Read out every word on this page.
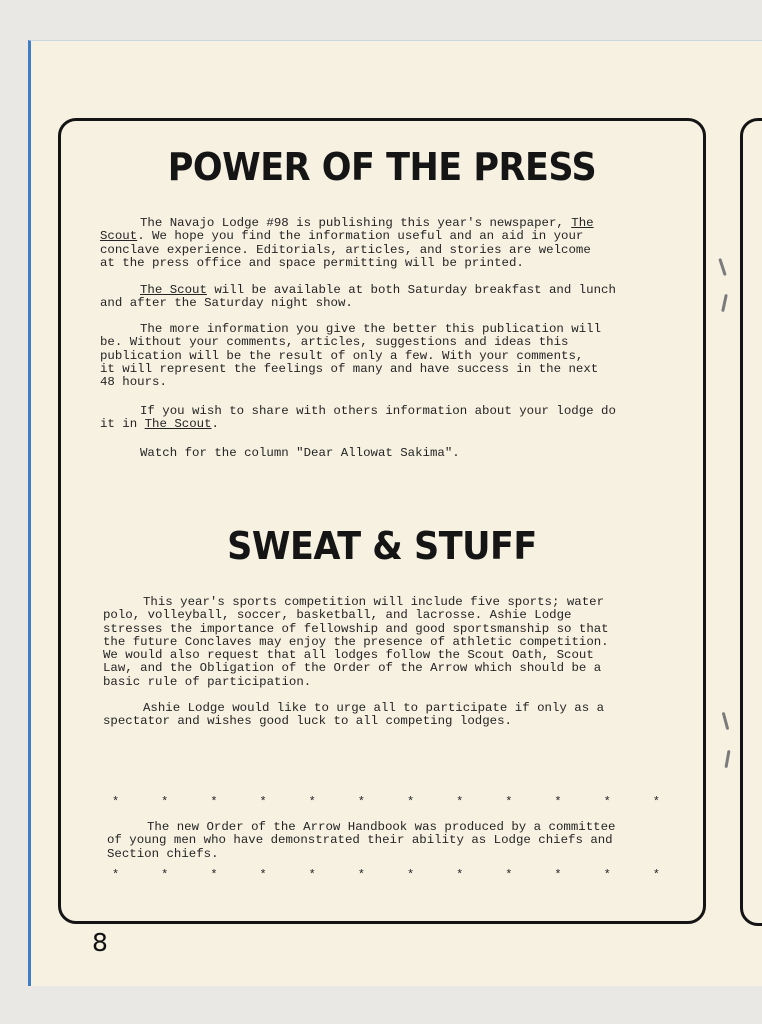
POWER OF THE PRESS

The Navajo Lodge #98 is publishing this year's newspaper, The
Scout. We hope you find the information useful and an aid in your
conclave experience. Editorials, articles, and stories are welcome
at the press office and space permitting will be printed.

The Scout will be available at both Saturday breakfast and lunch
and after the Saturday night show.

The more information you give the better this publication will
be. Without your comments, articles, suggestions and ideas this
publication will be the result of only a few. With your comments,
it will represent the feelings of many and have success in the next
48 hours.

If you wish to share with others information about your lodge do
it in The Scout.

Watch for the column "Dear Allowat Sakima".

SWEAT & STUFF

This year's sports competition will include five sports; water
polo, volleyball, soccer, basketball, and lacrosse. Ashie Lodge
stresses the importance of fellowship and good sportsmanship so that
the future Conclaves may enjoy the presence of athletic competition.
We would also request that all lodges follow the Scout Oath, Scout
Law, and the Obligation of the Order of the Arrow which should be a
basic rule of participation.

Ashie Lodge would like to urge all to participate if only as a
spectator and wishes good luck to all competing lodges.

*	*	*	*	*	*	*	*	*	*	*	*

The new Order of the Arrow Handbook was produced by a committee
of young men who have demonstrated their ability as Lodge chiefs and
Section chiefs.

*	*	*	*	*	*	*	*	*	*	*	*
8
